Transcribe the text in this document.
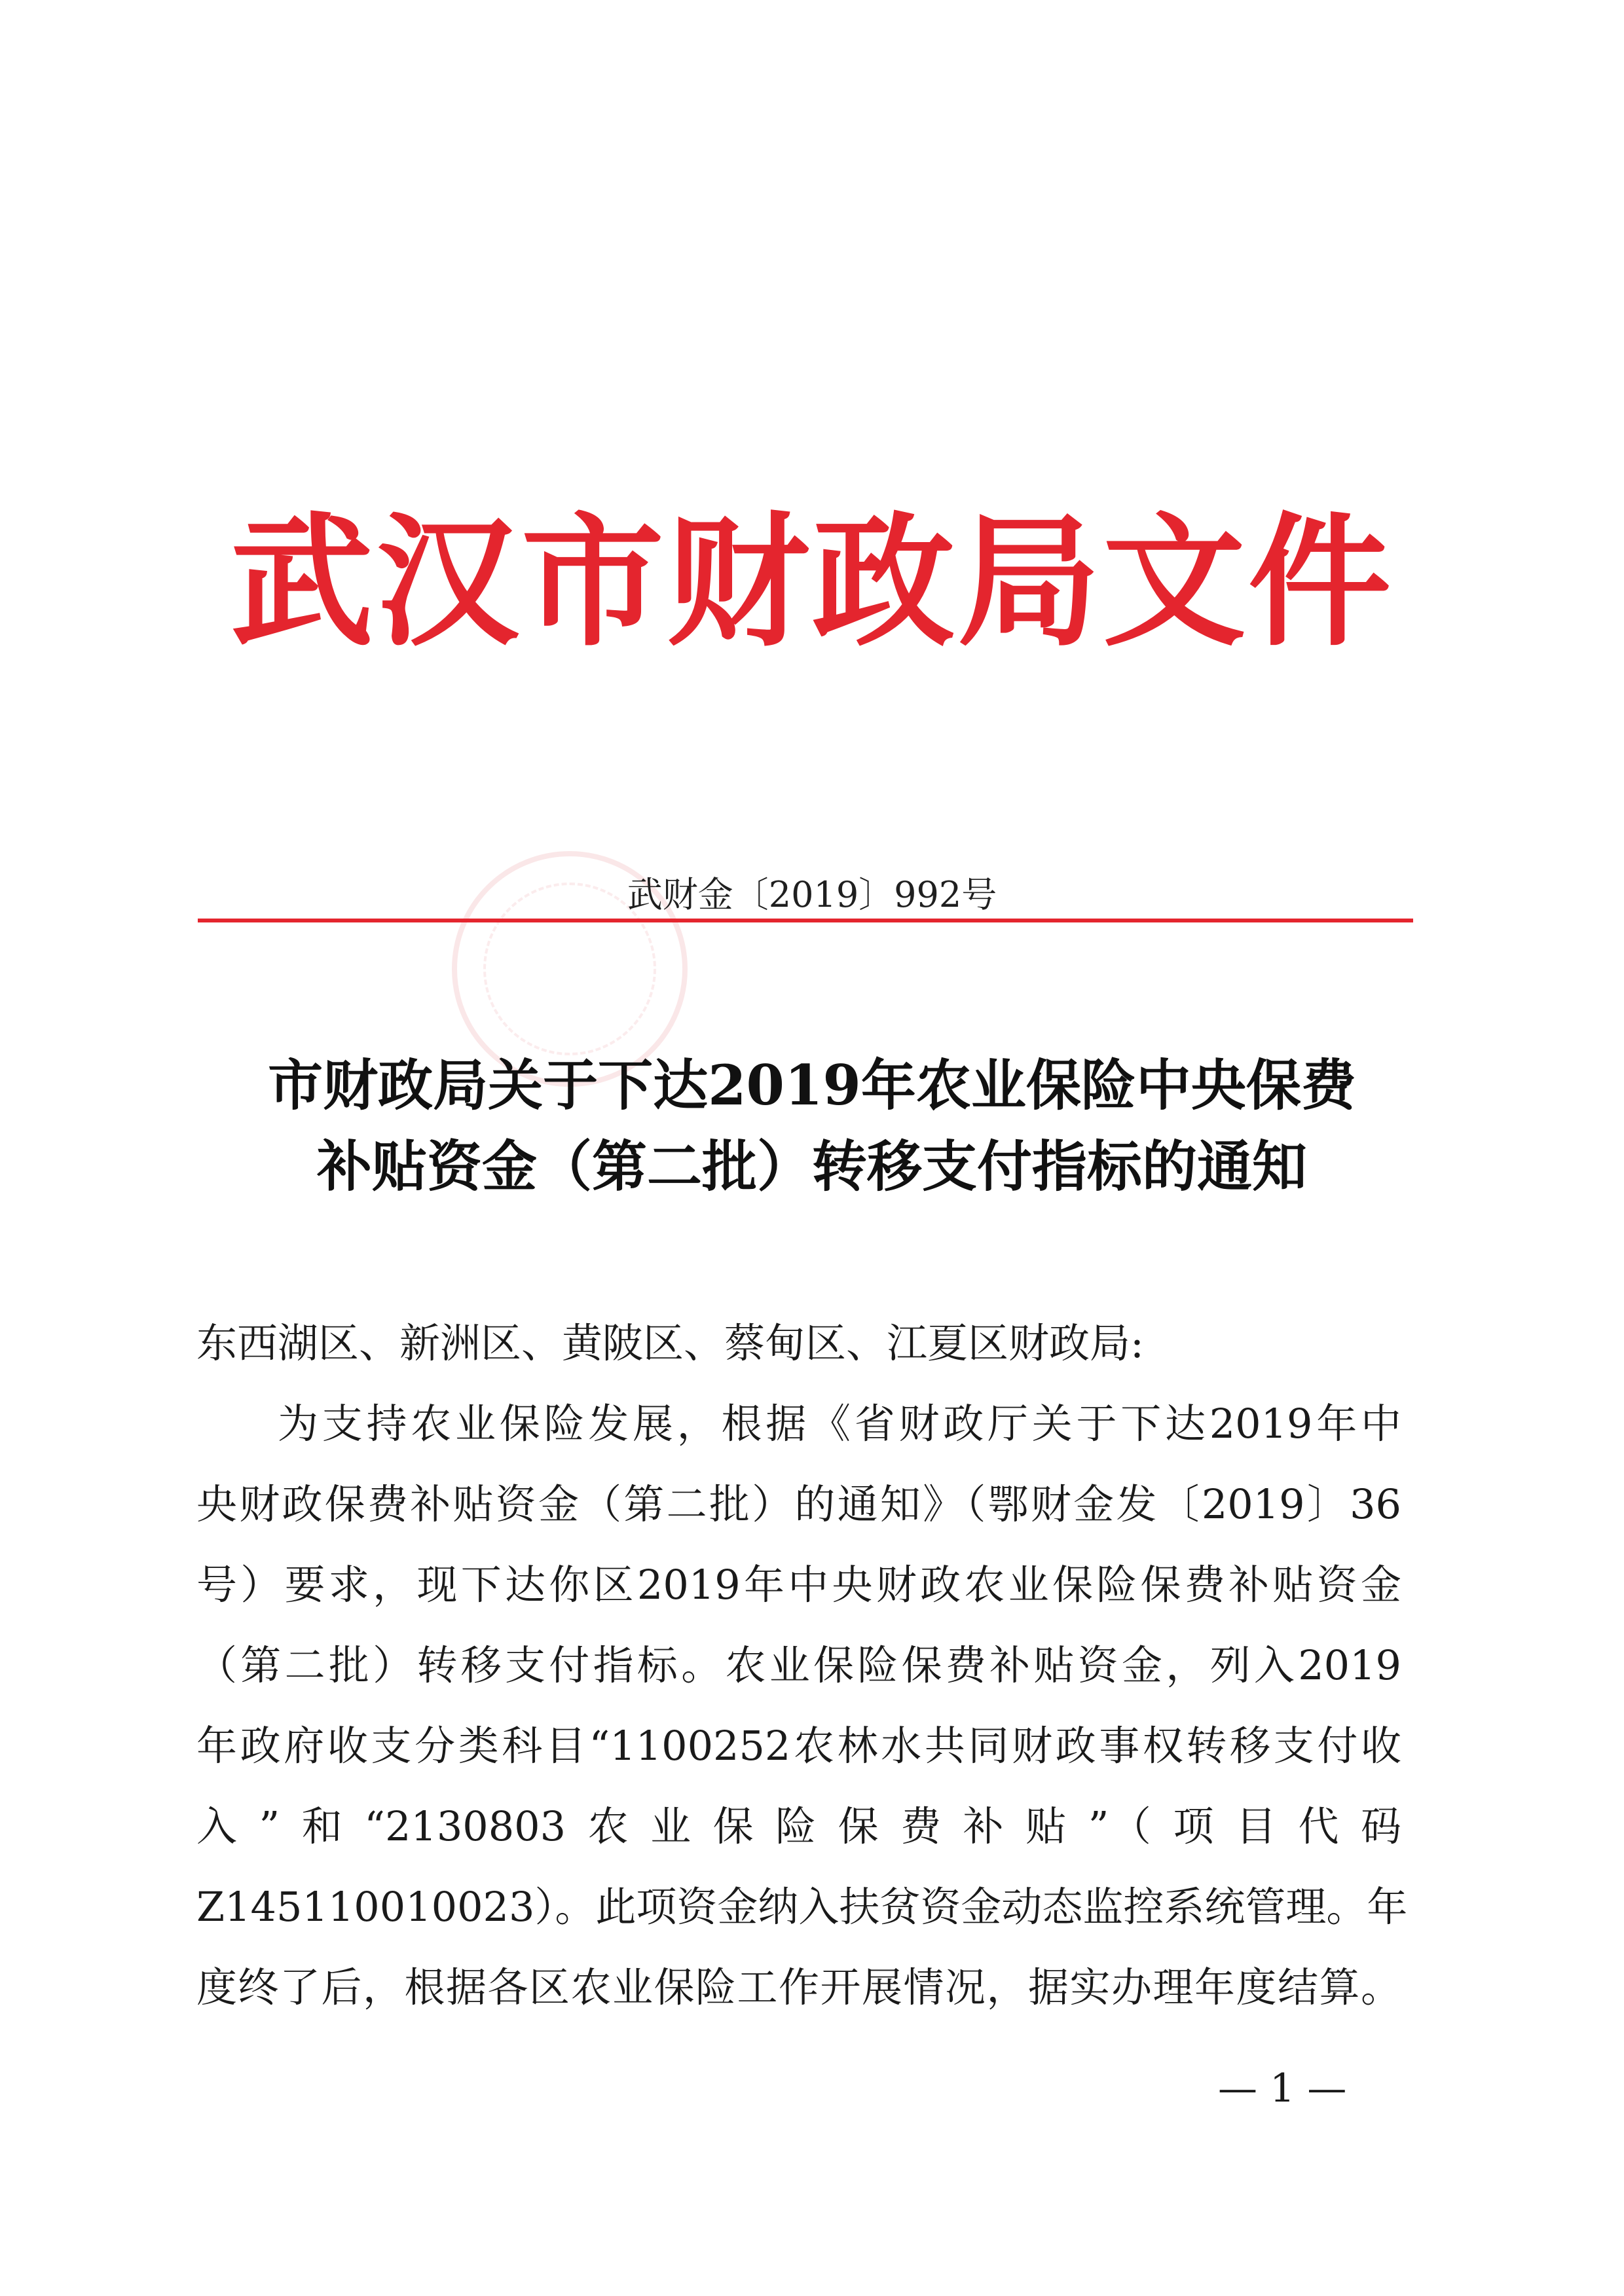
武汉市财政局文件
武财金〔2019〕992号
市财政局关于下达2019年农业保险中央保费
补贴资金（第二批）转移支付指标的通知
东西湖区、新洲区、黄陂区、蔡甸区、江夏区财政局:
为支持农业保险发展，根据《省财政厅关于下达2019年中
央财政保费补贴资金（第二批）的通知》（鄂财金发〔2019〕36
号）要求，现下达你区2019年中央财政农业保险保费补贴资金
（第二批）转移支付指标。农业保险保费补贴资金，列入2019
年政府收支分类科目“1100252农林水共同财政事权转移支付收
入”和“2130803农业保险保费补贴”（项目代码
Z145110010023）。此项资金纳入扶贫资金动态监控系统管理。年
度终了后，根据各区农业保险工作开展情况，据实办理年度结算。
— 1 —
